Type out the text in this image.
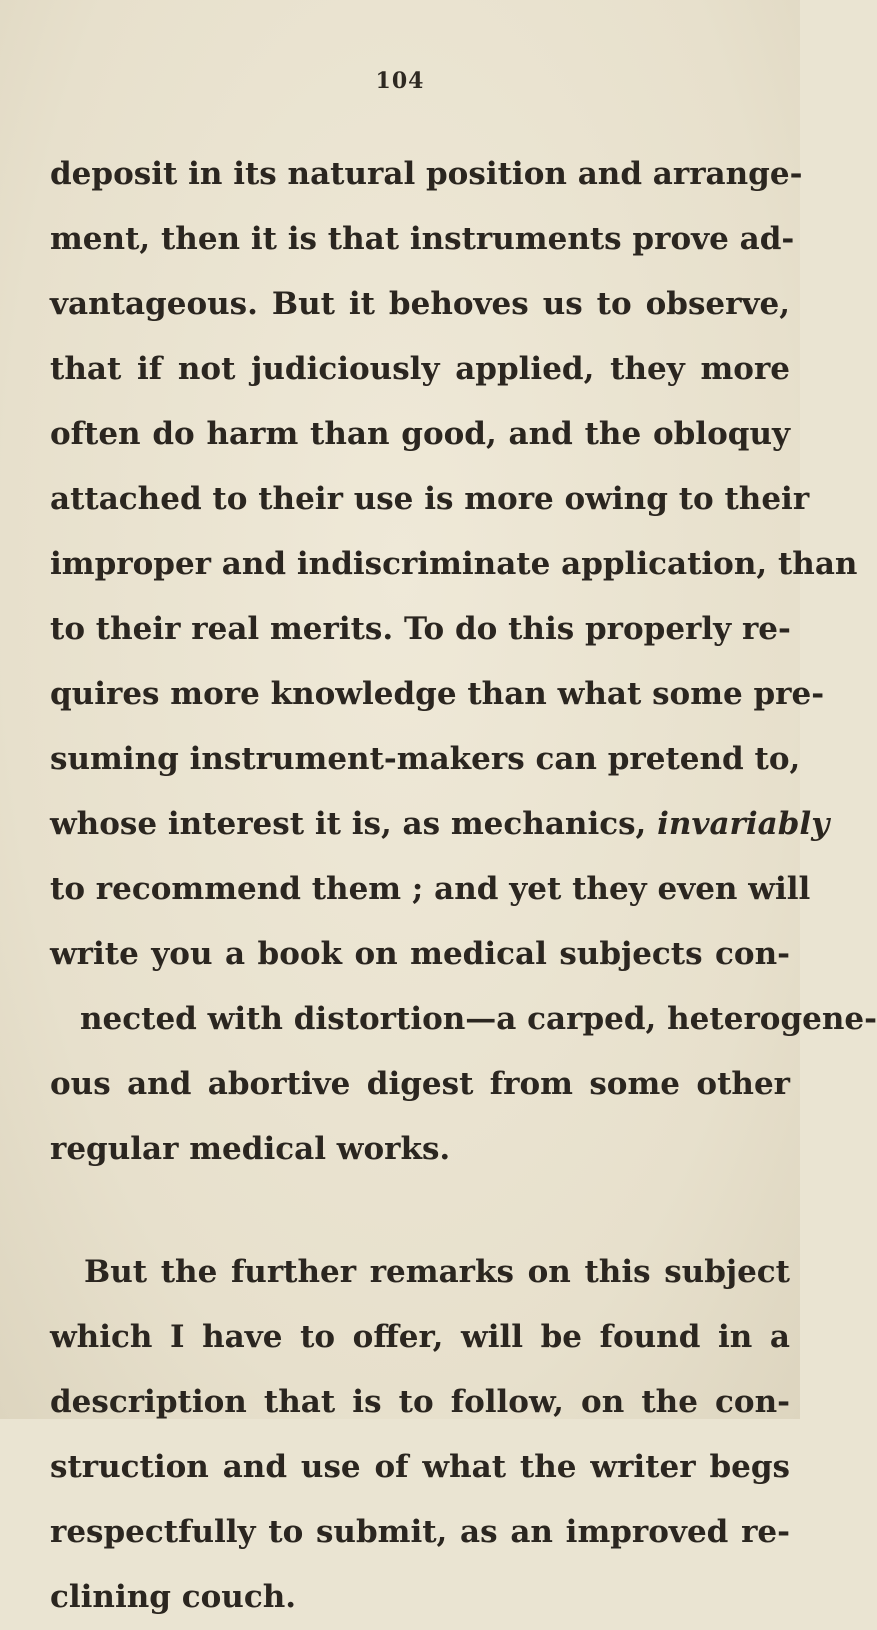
104
deposit in its natural position and arrange-
ment, then it is that instruments prove ad-
vantageous. But it behoves us to observe,
that if not judiciously applied, they more
often do harm than good, and the obloquy
attached to their use is more owing to their
improper and indiscriminate application, than
to their real merits. To do this properly re-
quires more knowledge than what some pre-
suming instrument-makers can pretend to,
whose interest it is, as mechanics, invariably
to recommend them ; and yet they even will
write you a book on medical subjects con-
nected with distortion—a carped, heterogene-
ous and abortive digest from some other
regular medical works.
But the further remarks on this subject
which I have to offer, will be found in a
description that is to follow, on the con-
struction and use of what the writer begs
respectfully to submit, as an improved re-
clining couch.
